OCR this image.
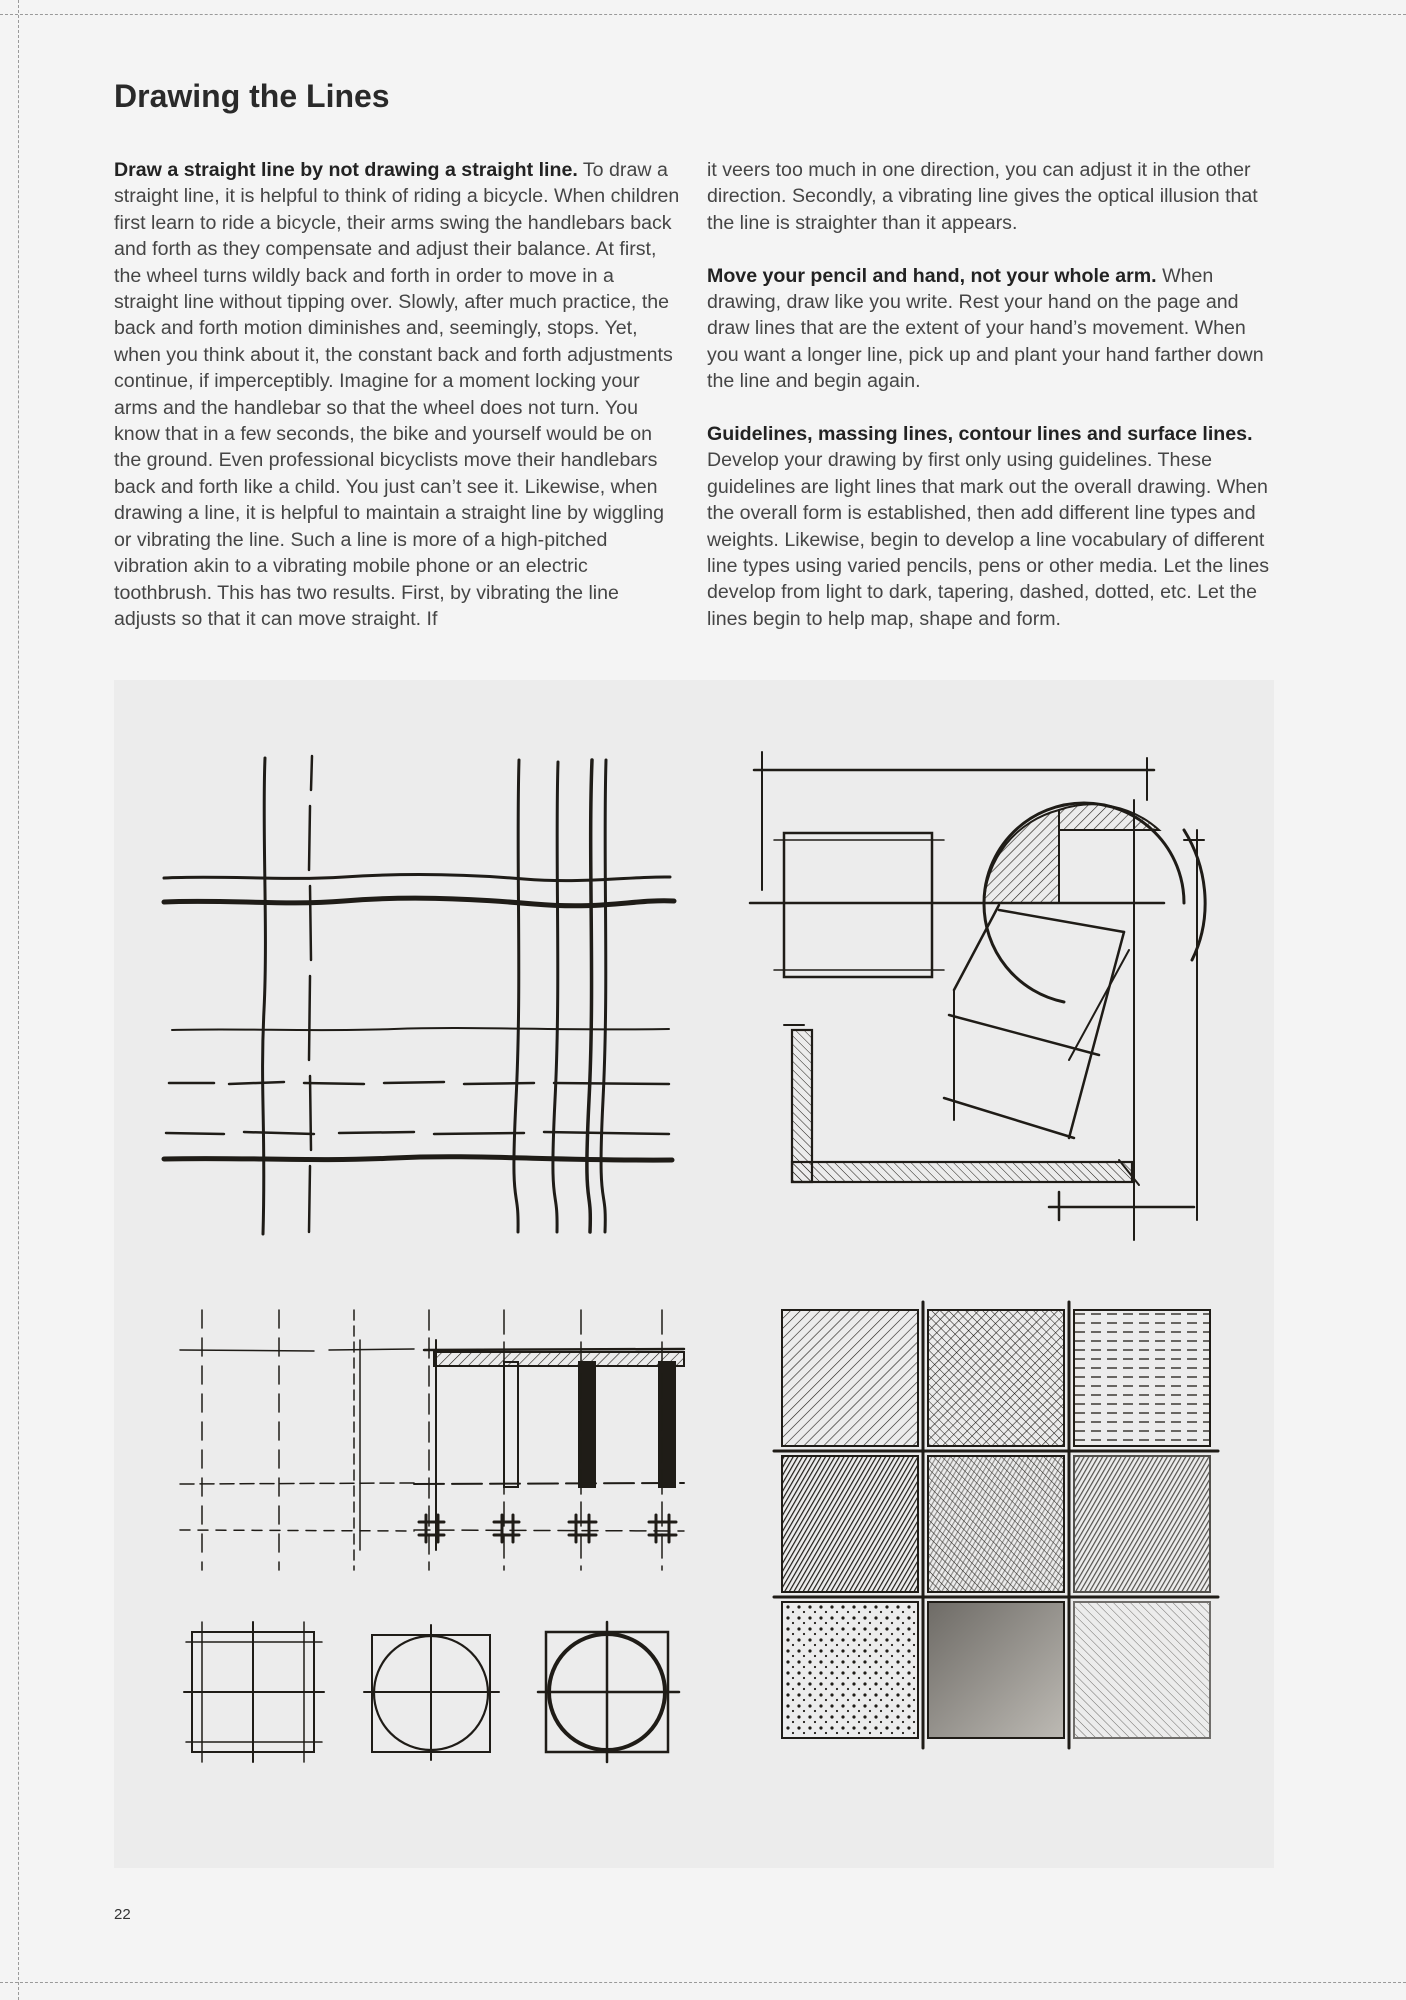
Drawing the Lines

Draw a straight line by not drawing a straight line. To draw a straight line, it is helpful to think of riding a bicycle. When children first learn to ride a bicycle, their arms swing the handlebars back and forth as they compensate and adjust their balance. At first, the wheel turns wildly back and forth in order to move in a straight line without tipping over. Slowly, after much practice, the back and forth motion diminishes and, seemingly, stops. Yet, when you think about it, the constant back and forth adjustments continue, if imperceptibly. Imagine for a moment locking your arms and the handlebar so that the wheel does not turn. You know that in a few seconds, the bike and yourself would be on the ground. Even professional bicyclists move their handlebars back and forth like a child. You just can’t see it. Likewise, when drawing a line, it is helpful to maintain a straight line by wiggling or vibrating the line. Such a line is more of a high-pitched vibration akin to a vibrating mobile phone or an electric toothbrush. This has two results. First, by vibrating the line adjusts so that it can move straight. If

it veers too much in one direction, you can adjust it in the other direction. Secondly, a vibrating line gives the optical illusion that the line is straighter than it appears.

Move your pencil and hand, not your whole arm. When drawing, draw like you write. Rest your hand on the page and draw lines that are the extent of your hand’s movement. When you want a longer line, pick up and plant your hand farther down the line and begin again.

Guidelines, massing lines, contour lines and surface lines. Develop your drawing by first only using guidelines. These guidelines are light lines that mark out the overall drawing. When the overall form is established, then add different line types and weights. Likewise, begin to develop a line vocabulary of different line types using varied pencils, pens or other media. Let the lines develop from light to dark, tapering, dashed, dotted, etc. Let the lines begin to help map, shape and form.

22
